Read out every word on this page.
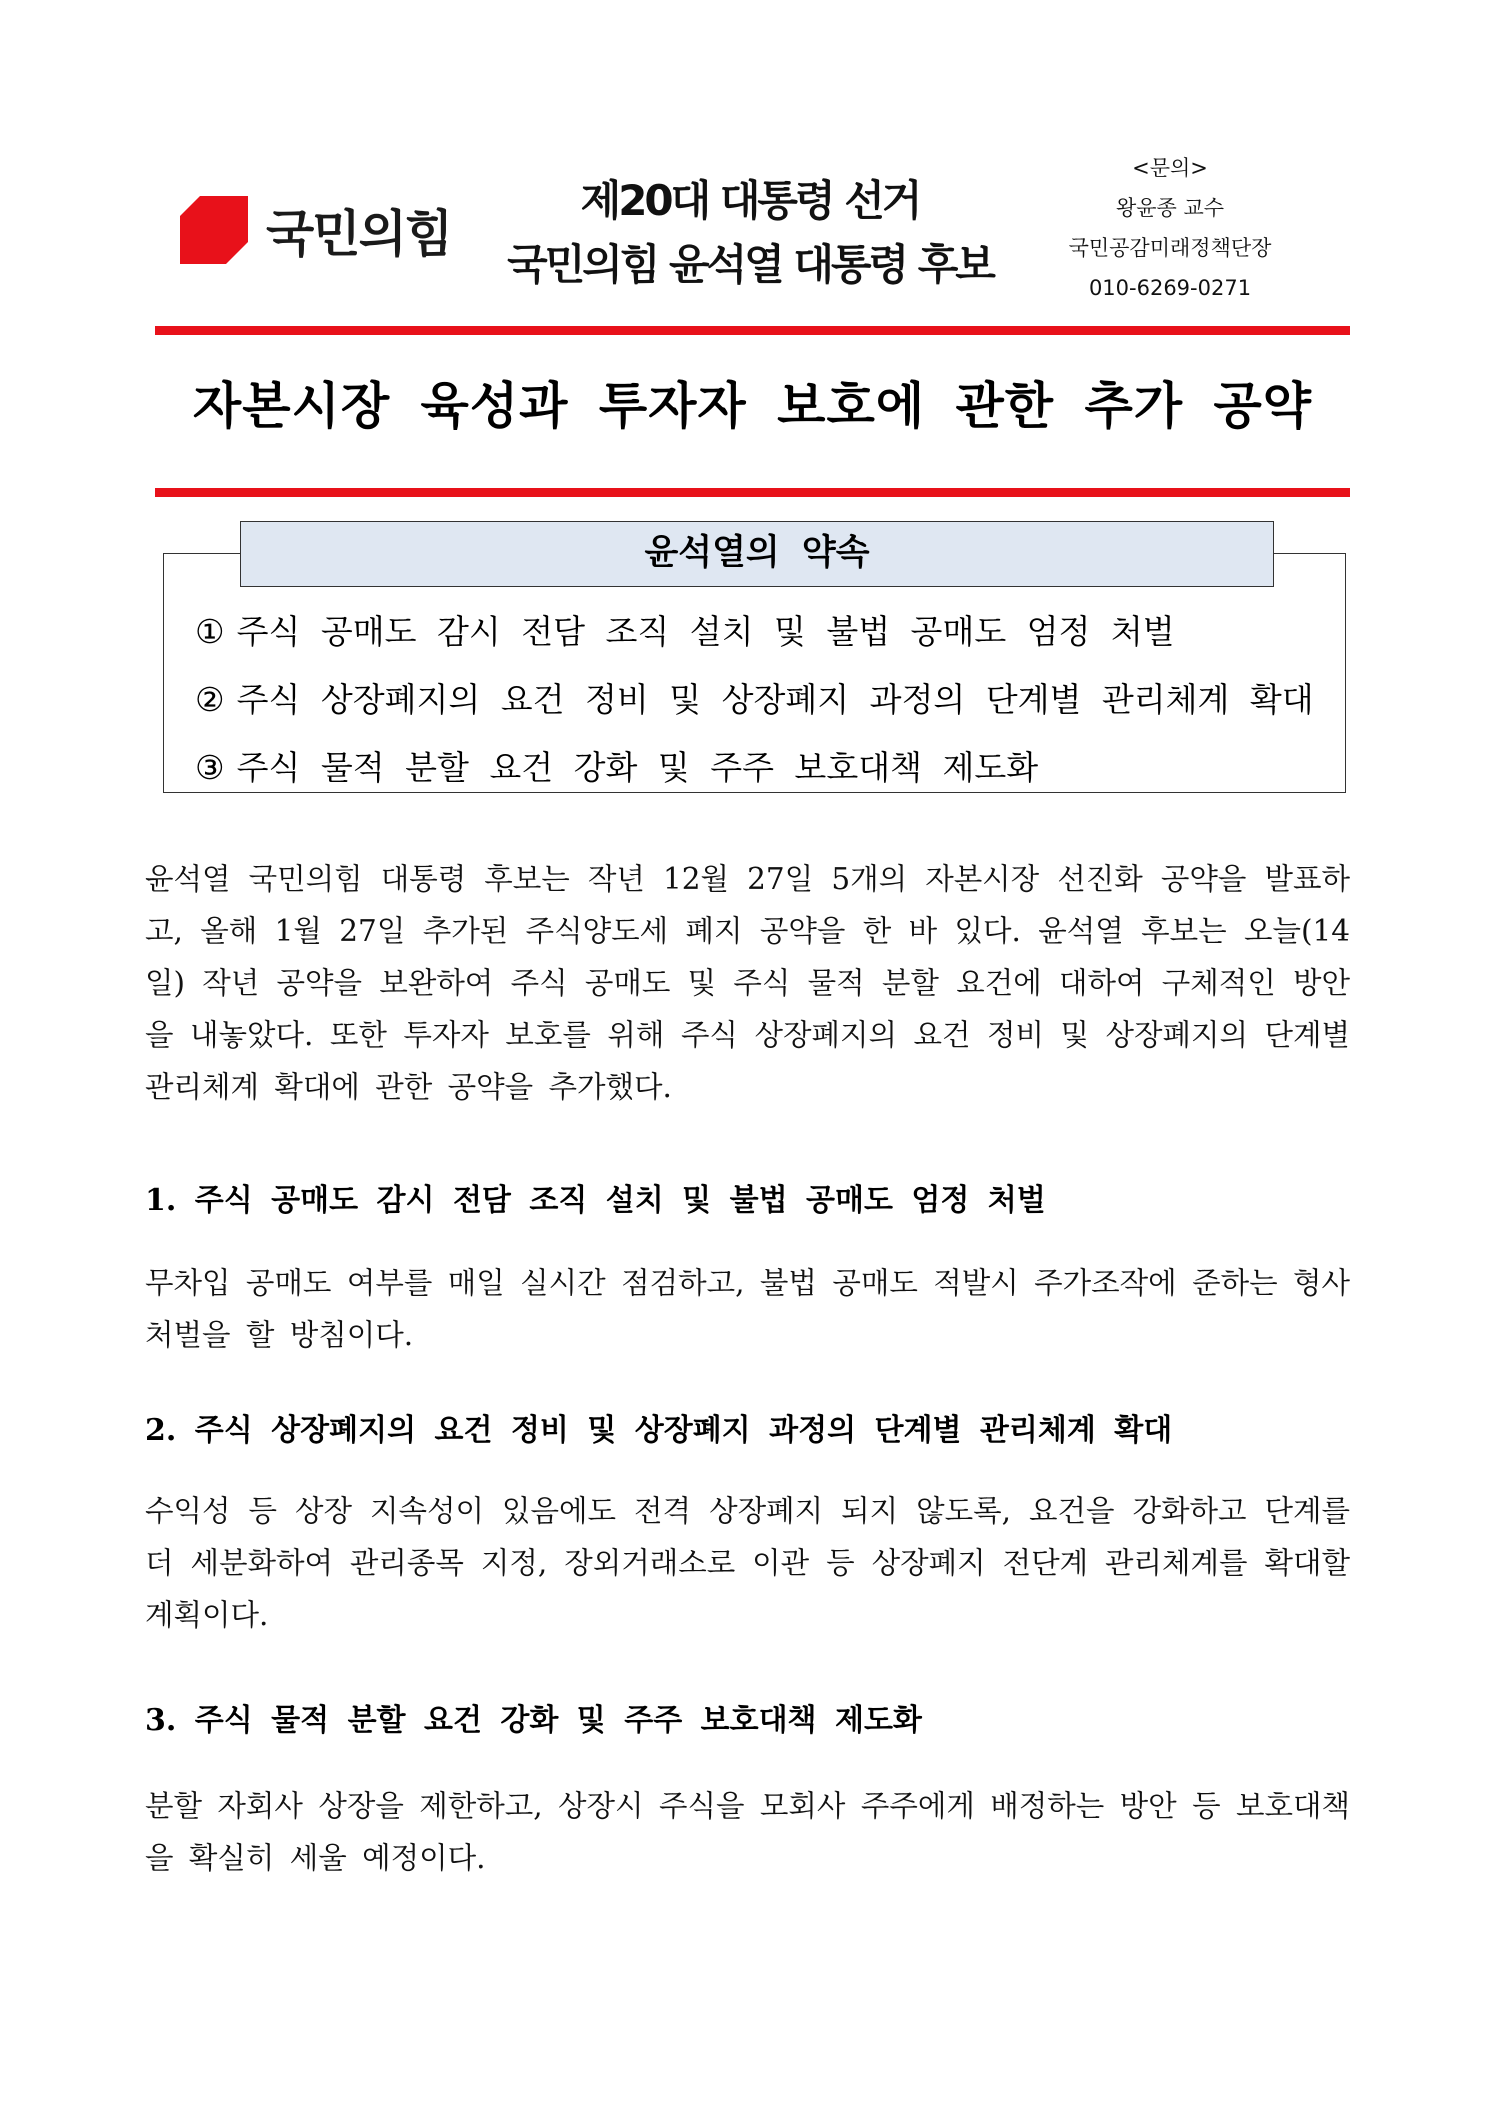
국민의힘
제20대 대통령 선거
국민의힘 윤석열 대통령 후보
<문의>
왕윤종 교수
국민공감미래정책단장
010-6269-0271
자본시장 육성과 투자자 보호에 관한 추가 공약
윤석열의 약속
① 주식 공매도 감시 전담 조직 설치 및 불법 공매도 엄정 처벌
② 주식 상장폐지의 요건 정비 및 상장폐지 과정의 단계별 관리체계 확대
③ 주식 물적 분할 요건 강화 및 주주 보호대책 제도화
윤석열 국민의힘 대통령 후보는 작년 12월 27일 5개의 자본시장 선진화 공약을 발표하고, 올해 1월 27일 추가된 주식양도세 폐지 공약을 한 바 있다. 윤석열 후보는 오늘(14일) 작년 공약을 보완하여 주식 공매도 및 주식 물적 분할 요건에 대하여 구체적인 방안을 내놓았다. 또한 투자자 보호를 위해 주식 상장폐지의 요건 정비 및 상장폐지의 단계별 관리체계 확대에 관한 공약을 추가했다.
1. 주식 공매도 감시 전담 조직 설치 및 불법 공매도 엄정 처벌
무차입 공매도 여부를 매일 실시간 점검하고, 불법 공매도 적발시 주가조작에 준하는 형사처벌을 할 방침이다.
2. 주식 상장폐지의 요건 정비 및 상장폐지 과정의 단계별 관리체계 확대
수익성 등 상장 지속성이 있음에도 전격 상장폐지 되지 않도록, 요건을 강화하고 단계를 더 세분화하여 관리종목 지정, 장외거래소로 이관 등 상장폐지 전단계 관리체계를 확대할 계획이다.
3. 주식 물적 분할 요건 강화 및 주주 보호대책 제도화
분할 자회사 상장을 제한하고, 상장시 주식을 모회사 주주에게 배정하는 방안 등 보호대책을 확실히 세울 예정이다.
